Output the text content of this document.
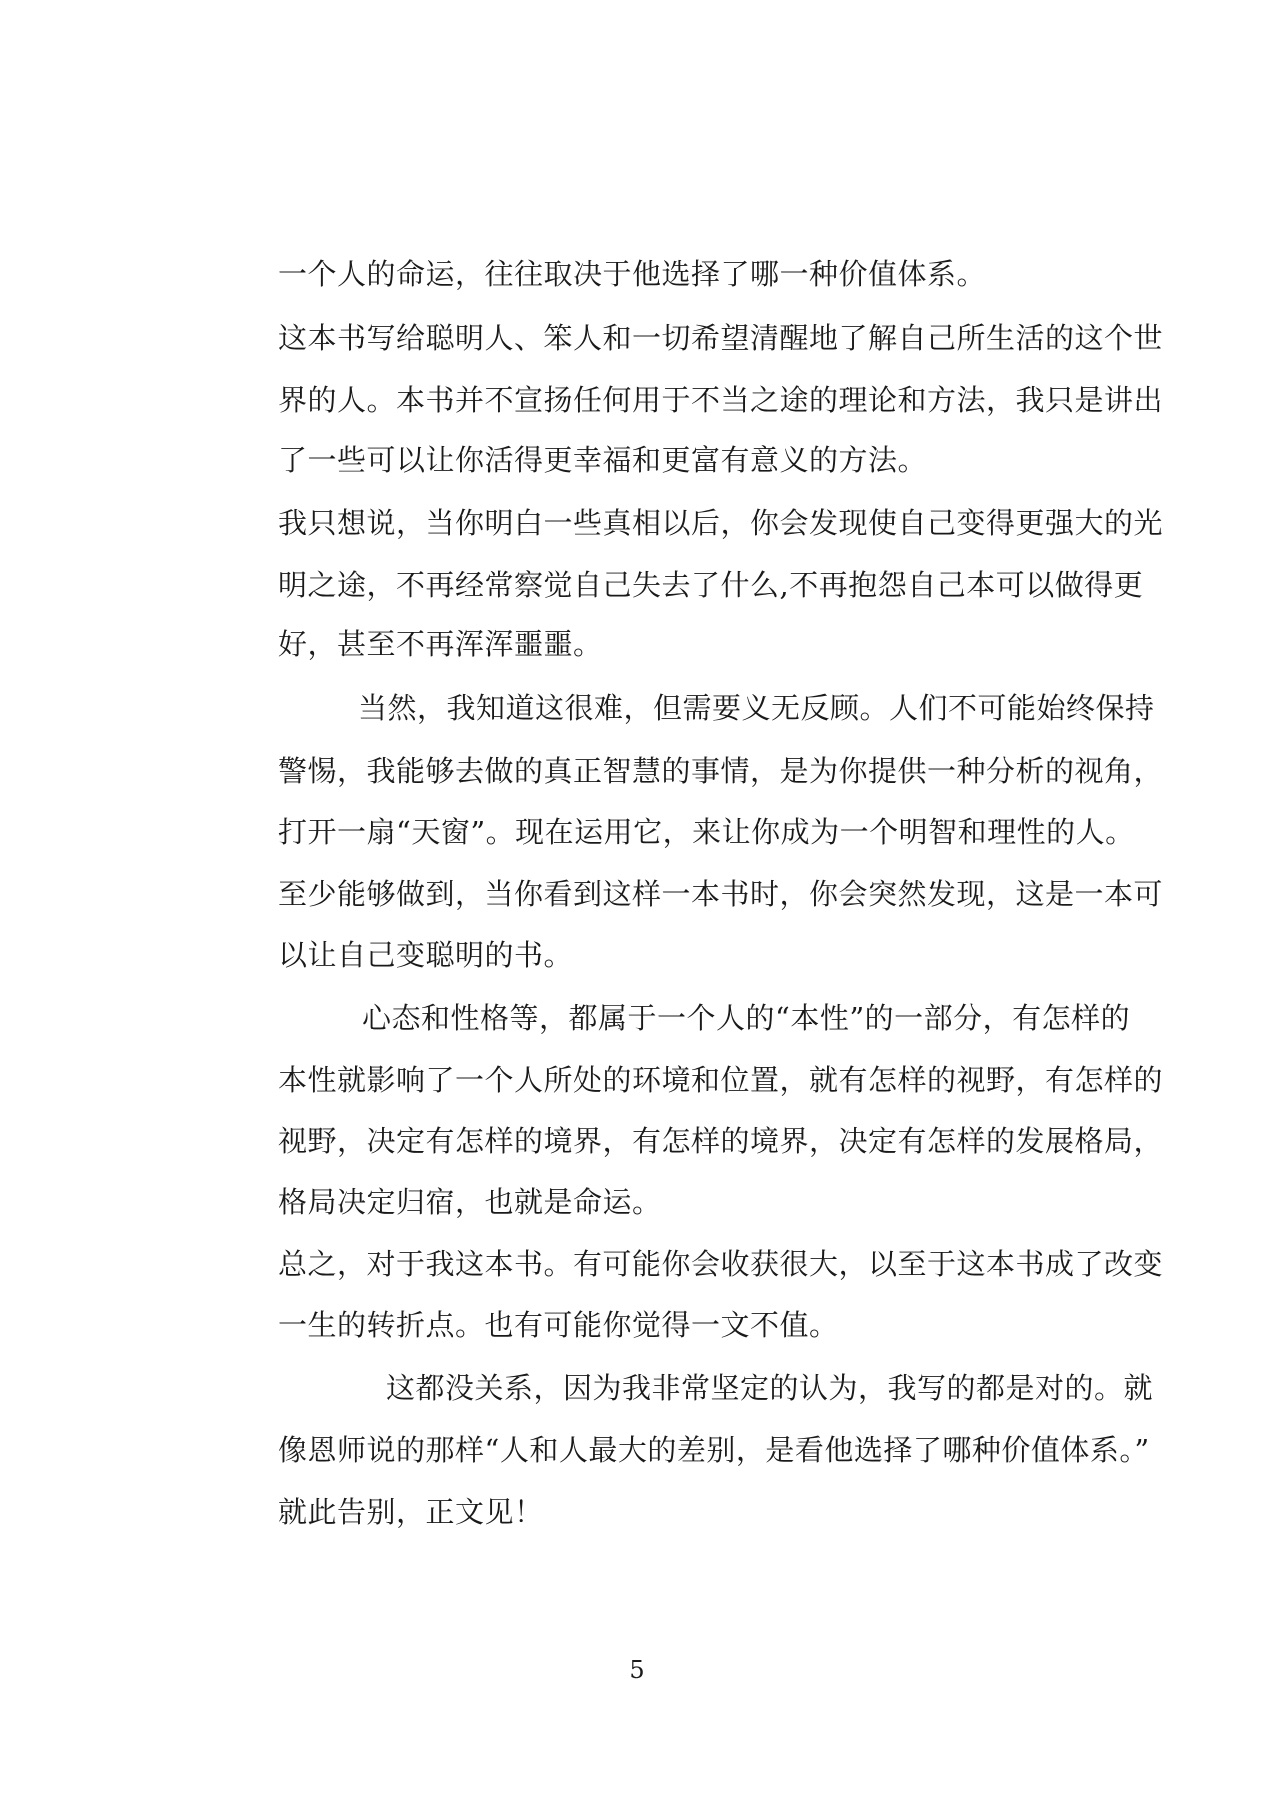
一个人的命运，往往取决于他选择了哪一种价值体系。
这本书写给聪明人、笨人和一切希望清醒地了解自己所生活的这个世
界的人。本书并不宣扬任何用于不当之途的理论和方法，我只是讲出
了一些可以让你活得更幸福和更富有意义的方法。
我只想说，当你明白一些真相以后，你会发现使自己变得更强大的光
明之途，不再经常察觉自己失去了什么,不再抱怨自己本可以做得更
好，甚至不再浑浑噩噩。
当然，我知道这很难，但需要义无反顾。人们不可能始终保持
警惕，我能够去做的真正智慧的事情，是为你提供一种分析的视角，
打开一扇“天窗”。现在运用它，来让你成为一个明智和理性的人。
至少能够做到，当你看到这样一本书时，你会突然发现，这是一本可
以让自己变聪明的书。
心态和性格等，都属于一个人的“本性”的一部分，有怎样的
本性就影响了一个人所处的环境和位置，就有怎样的视野，有怎样的
视野，决定有怎样的境界，有怎样的境界，决定有怎样的发展格局，
格局决定归宿，也就是命运。
总之，对于我这本书。有可能你会收获很大，以至于这本书成了改变
一生的转折点。也有可能你觉得一文不值。
这都没关系，因为我非常坚定的认为，我写的都是对的。就
像恩师说的那样“人和人最大的差别，是看他选择了哪种价值体系。”
就此告别，正文见！
5
